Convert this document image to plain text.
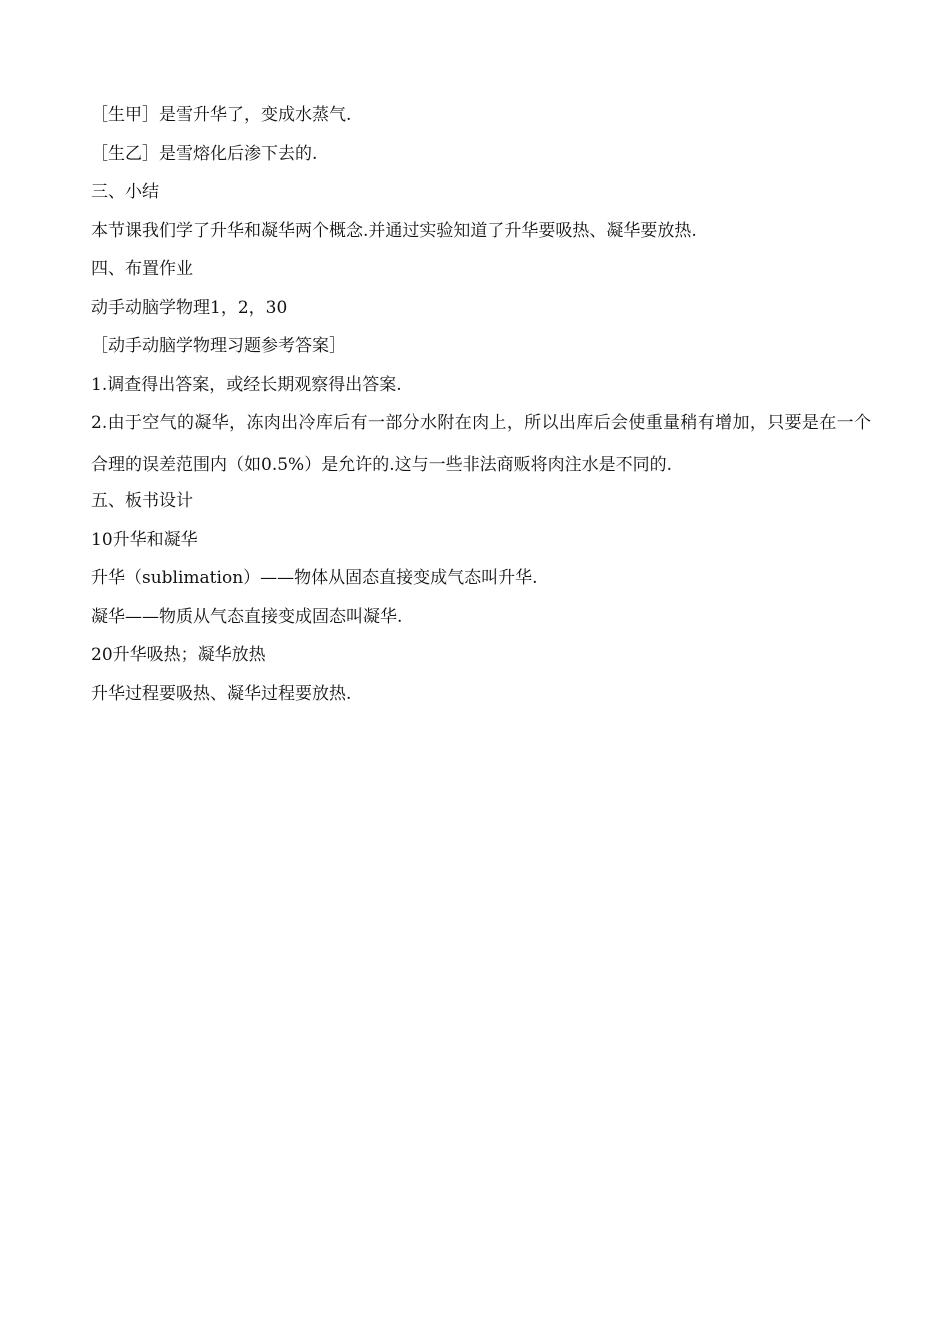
［生甲］是雪升华了，变成水蒸气.
［生乙］是雪熔化后渗下去的.
三、小结
本节课我们学了升华和凝华两个概念.并通过实验知道了升华要吸热、凝华要放热.
四、布置作业
动手动脑学物理1，2，30
［动手动脑学物理习题参考答案］
1.调查得出答案，或经长期观察得出答案.
2.由于空气的凝华，冻肉出冷库后有一部分水附在肉上，所以出库后会使重量稍有增加，只要是在一个合理的误差范围内（如0.5%）是允许的.这与一些非法商贩将肉注水是不同的.
五、板书设计
10升华和凝华
升华（sublimation）——物体从固态直接变成气态叫升华.
凝华——物质从气态直接变成固态叫凝华.
20升华吸热；凝华放热
升华过程要吸热、凝华过程要放热.
